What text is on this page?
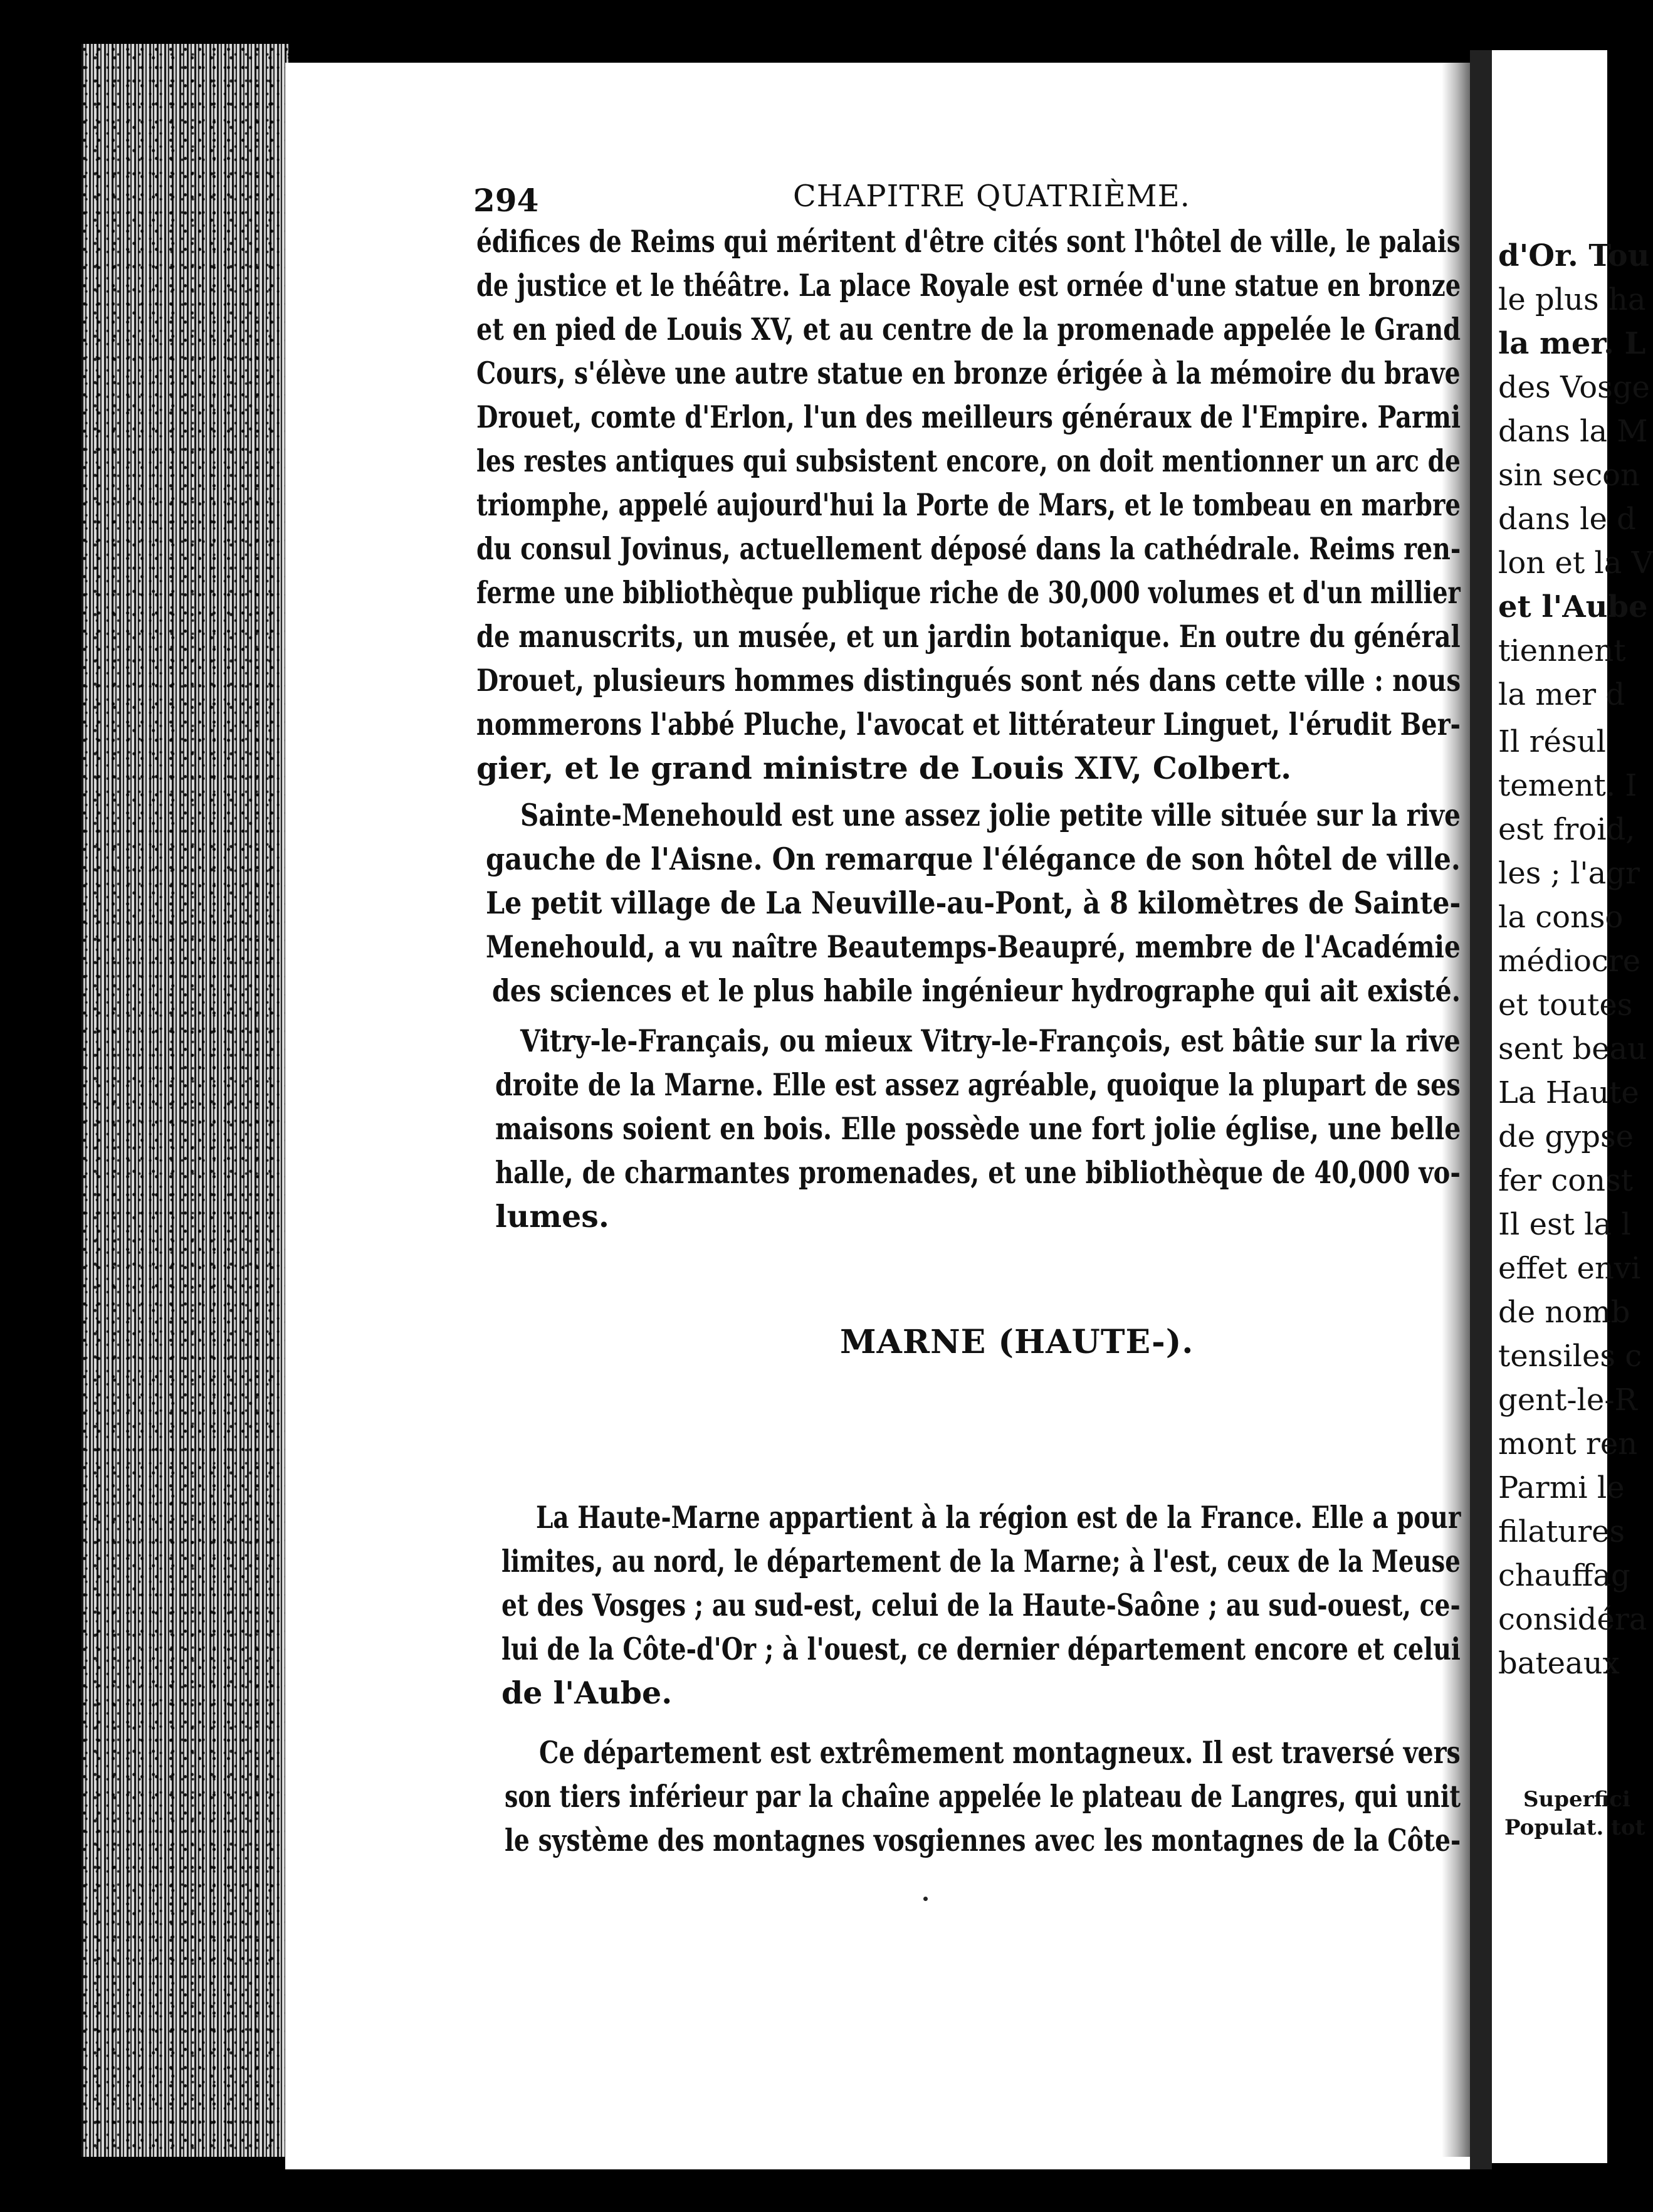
294	CHAPITRE QUATRIÈME.
édifices de Reims qui méritent d'être cités sont l'hôtel de ville, le palais
de justice et le théâtre. La place Royale est ornée d'une statue en bronze
et en pied de Louis XV, et au centre de la promenade appelée le Grand
Cours, s'élève une autre statue en bronze érigée à la mémoire du brave
Drouet, comte d'Erlon, l'un des meilleurs généraux de l'Empire. Parmi
les restes antiques qui subsistent encore, on doit mentionner un arc de
triomphe, appelé aujourd'hui la Porte de Mars, et le tombeau en marbre
du consul Jovinus, actuellement déposé dans la cathédrale. Reims ren-
ferme une bibliothèque publique riche de 30,000 volumes et d'un millier
de manuscrits, un musée, et un jardin botanique. En outre du général
Drouet, plusieurs hommes distingués sont nés dans cette ville : nous
nommerons l'abbé Pluche, l'avocat et littérateur Linguet, l'érudit Ber-
gier, et le grand ministre de Louis XIV, Colbert.
Sainte-Menehould est une assez jolie petite ville située sur la rive
gauche de l'Aisne. On remarque l'élégance de son hôtel de ville.
Le petit village de La Neuville-au-Pont, à 8 kilomètres de Sainte-
Menehould, a vu naître Beautemps-Beaupré, membre de l'Académie
des sciences et le plus habile ingénieur hydrographe qui ait existé.
Vitry-le-Français, ou mieux Vitry-le-François, est bâtie sur la rive
droite de la Marne. Elle est assez agréable, quoique la plupart de ses
maisons soient en bois. Elle possède une fort jolie église, une belle
halle, de charmantes promenades, et une bibliothèque de 40,000 vo-
lumes.
MARNE (HAUTE-).
La Haute-Marne appartient à la région est de la France. Elle a pour
limites, au nord, le département de la Marne; à l'est, ceux de la Meuse
et des Vosges ; au sud-est, celui de la Haute-Saône ; au sud-ouest, ce-
lui de la Côte-d'Or ; à l'ouest, ce dernier département encore et celui
de l'Aube.
Ce département est extrêmement montagneux. Il est traversé vers
son tiers inférieur par la chaîne appelée le plateau de Langres, qui unit
le système des montagnes vosgiennes avec les montagnes de la Côte-
d'Or. Tou
le plus ha
la mer. L
des Vosge
dans la M
sin secon
dans le d
lon et la V
et l'Aube
tiennent
la mer d
Il résul
tement. I
est froid,
les ; l'agr
la conso
médiocre
et toutes
sent beau
La Haute
de gypse
fer const
Il est la l
effet envi
de nomb
tensiles c
gent-le-R
mont ren
Parmi le
filatures
chauffag
considéra
bateaux
Superfici
Populat. tot
